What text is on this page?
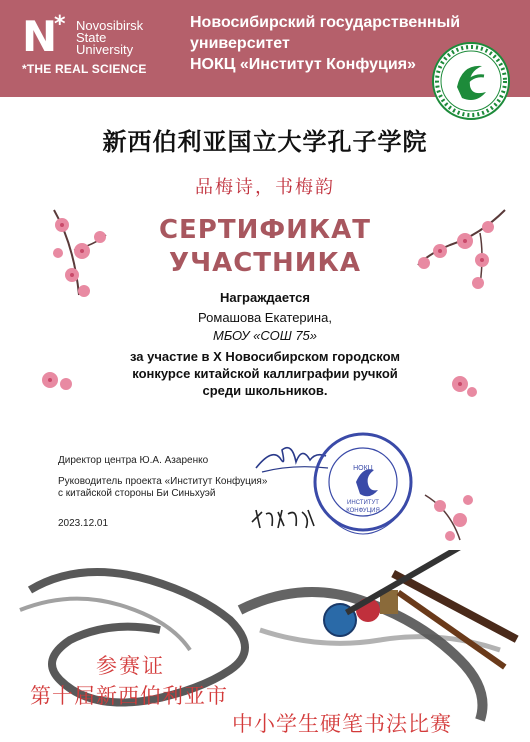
N
* Novosibirsk
State
University
*THE REAL SCIENCE
Новосибирский государственный
университет
НОКЦ «Институт Конфуция»
新西伯利亚国立大学孔子学院
品梅诗，书梅韵
СЕРТИФИКАТ
УЧАСТНИКА
Награждается
Ромашова Екатерина,
МБОУ «СОШ 75»
за участие в X Новосибирском городском
конкурсе китайской каллиграфии ручкой
среди школьников.
Директор центра Ю.А. Азаренко
Руководитель проекта «Институт Конфуция»
с китайской стороны Би Синьхуэй
2023.12.01
НОКЦ
ИНСТИТУТ
КОНФУЦИЯ
参赛证
第十届新西伯利亚市
中小学生硬笔书法比赛
